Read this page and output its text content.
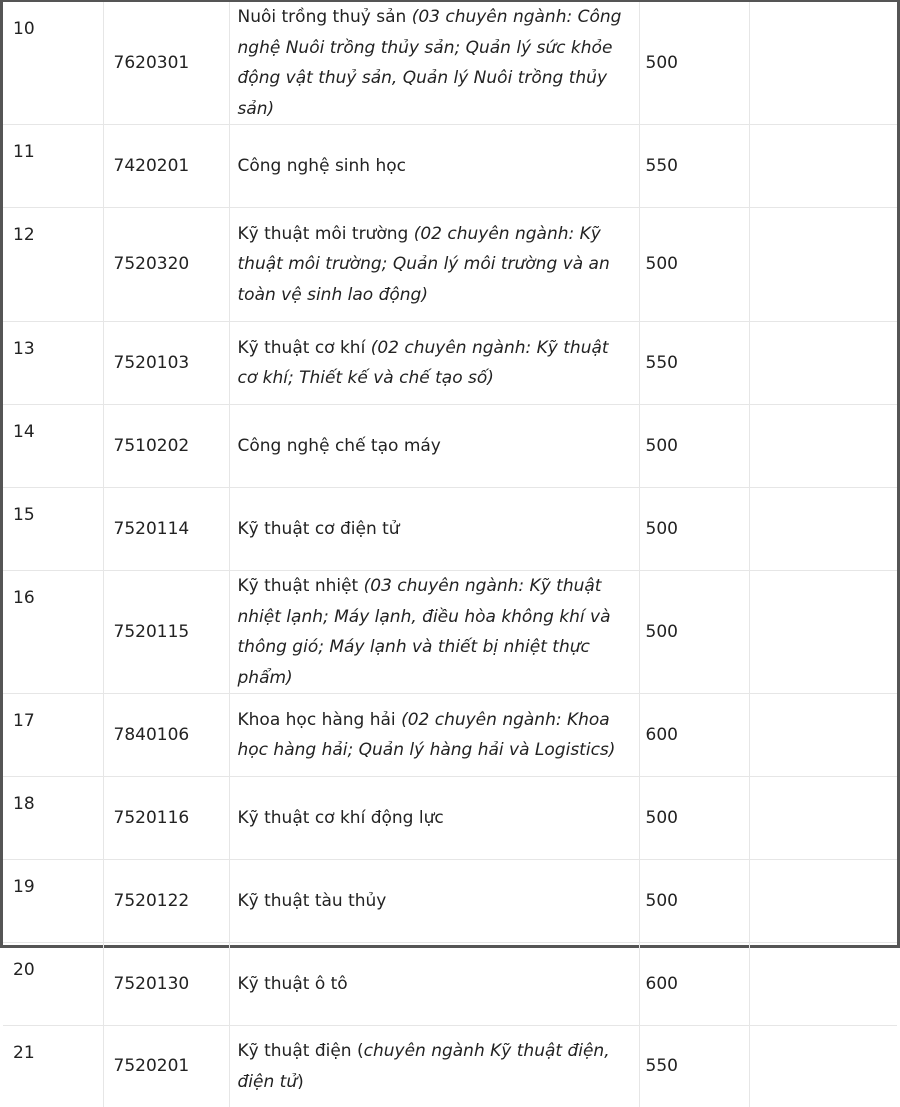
10	7620301	Nuôi trồng thuỷ sản (03 chuyên ngành: Công nghệ Nuôi trồng thủy sản; Quản lý sức khỏe động vật thuỷ sản, Quản lý Nuôi trồng thủy sản)	500	
11	7420201	Công nghệ sinh học	550	
12	7520320	Kỹ thuật môi trường (02 chuyên ngành: Kỹ thuật môi trường; Quản lý môi trường và an toàn vệ sinh lao động)	500	
13	7520103	Kỹ thuật cơ khí (02 chuyên ngành: Kỹ thuật cơ khí; Thiết kế và chế tạo số)	550	
14	7510202	Công nghệ chế tạo máy	500	
15	7520114	Kỹ thuật cơ điện tử	500	
16	7520115	Kỹ thuật nhiệt (03 chuyên ngành: Kỹ thuật nhiệt lạnh; Máy lạnh, điều hòa không khí và thông gió; Máy lạnh và thiết bị nhiệt thực phẩm)	500	
17	7840106	Khoa học hàng hải (02 chuyên ngành: Khoa học hàng hải; Quản lý hàng hải và Logistics)	600	
18	7520116	Kỹ thuật cơ khí động lực	500	
19	7520122	Kỹ thuật tàu thủy	500	
20	7520130	Kỹ thuật ô tô	600	
21	7520201	Kỹ thuật điện (chuyên ngành Kỹ thuật điện, điện tử)	550	
